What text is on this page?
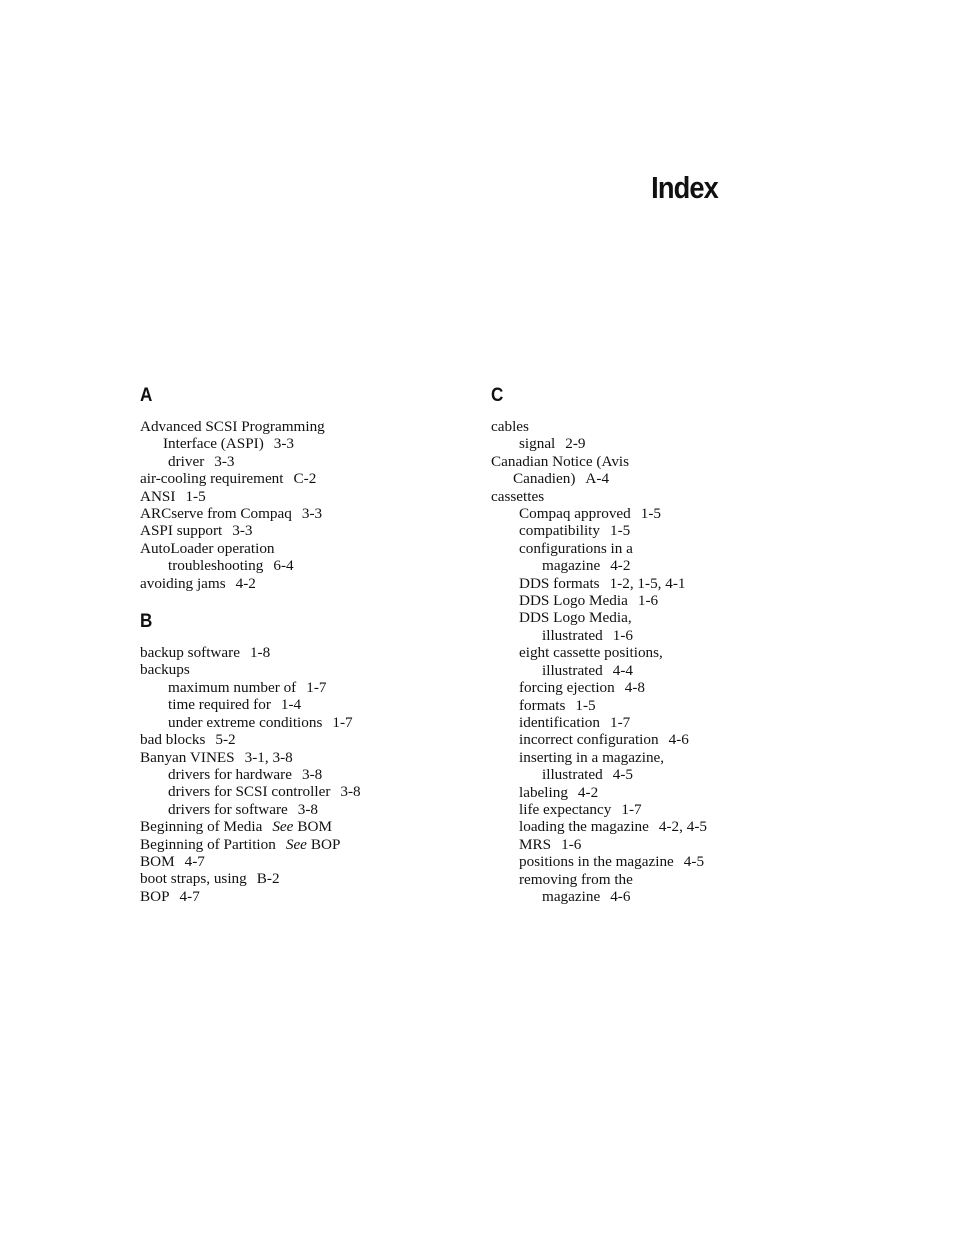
Index
A
Advanced SCSI Programming
Interface (ASPI) 3-3
driver 3-3
air-cooling requirement C-2
ANSI 1-5
ARCserve from Compaq 3-3
ASPI support 3-3
AutoLoader operation
troubleshooting 6-4
avoiding jams 4-2
B
backup software 1-8
backups
maximum number of 1-7
time required for 1-4
under extreme conditions 1-7
bad blocks 5-2
Banyan VINES 3-1, 3-8
drivers for hardware 3-8
drivers for SCSI controller 3-8
drivers for software 3-8
Beginning of Media See BOM
Beginning of Partition See BOP
BOM 4-7
boot straps, using B-2
BOP 4-7
C
cables
signal 2-9
Canadian Notice (Avis
Canadien) A-4
cassettes
Compaq approved 1-5
compatibility 1-5
configurations in a
magazine 4-2
DDS formats 1-2, 1-5, 4-1
DDS Logo Media 1-6
DDS Logo Media,
illustrated 1-6
eight cassette positions,
illustrated 4-4
forcing ejection 4-8
formats 1-5
identification 1-7
incorrect configuration 4-6
inserting in a magazine,
illustrated 4-5
labeling 4-2
life expectancy 1-7
loading the magazine 4-2, 4-5
MRS 1-6
positions in the magazine 4-5
removing from the
magazine 4-6
